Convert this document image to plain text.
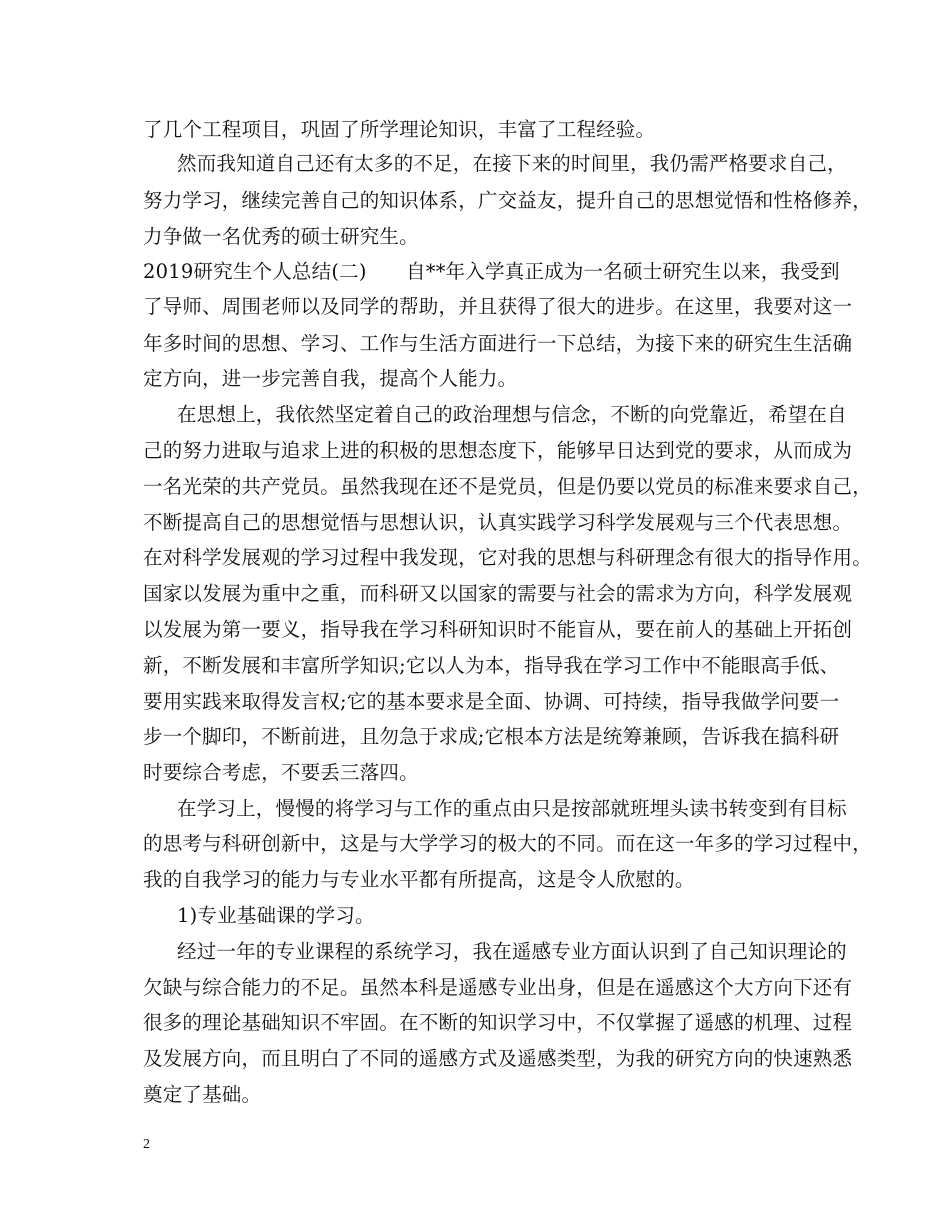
了几个工程项目，巩固了所学理论知识，丰富了工程经验。
然而我知道自己还有太多的不足，在接下来的时间里，我仍需严格要求自己，
努力学习，继续完善自己的知识体系，广交益友，提升自己的思想觉悟和性格修养，
力争做一名优秀的硕士研究生。
2019研究生个人总结(二)　　自**年入学真正成为一名硕士研究生以来，我受到
了导师、周围老师以及同学的帮助，并且获得了很大的进步。在这里，我要对这一
年多时间的思想、学习、工作与生活方面进行一下总结，为接下来的研究生生活确
定方向，进一步完善自我，提高个人能力。
在思想上，我依然坚定着自己的政治理想与信念，不断的向党靠近，希望在自
己的努力进取与追求上进的积极的思想态度下，能够早日达到党的要求，从而成为
一名光荣的共产党员。虽然我现在还不是党员，但是仍要以党员的标准来要求自己，
不断提高自己的思想觉悟与思想认识，认真实践学习科学发展观与三个代表思想。
在对科学发展观的学习过程中我发现，它对我的思想与科研理念有很大的指导作用。
国家以发展为重中之重，而科研又以国家的需要与社会的需求为方向，科学发展观
以发展为第一要义，指导我在学习科研知识时不能盲从，要在前人的基础上开拓创
新，不断发展和丰富所学知识;它以人为本，指导我在学习工作中不能眼高手低、
要用实践来取得发言权;它的基本要求是全面、协调、可持续，指导我做学问要一
步一个脚印，不断前进，且勿急于求成;它根本方法是统筹兼顾，告诉我在搞科研
时要综合考虑，不要丢三落四。
在学习上，慢慢的将学习与工作的重点由只是按部就班埋头读书转变到有目标
的思考与科研创新中，这是与大学学习的极大的不同。而在这一年多的学习过程中，
我的自我学习的能力与专业水平都有所提高，这是令人欣慰的。
1)专业基础课的学习。
经过一年的专业课程的系统学习，我在遥感专业方面认识到了自己知识理论的
欠缺与综合能力的不足。虽然本科是遥感专业出身，但是在遥感这个大方向下还有
很多的理论基础知识不牢固。在不断的知识学习中，不仅掌握了遥感的机理、过程
及发展方向，而且明白了不同的遥感方式及遥感类型，为我的研究方向的快速熟悉
奠定了基础。
2
